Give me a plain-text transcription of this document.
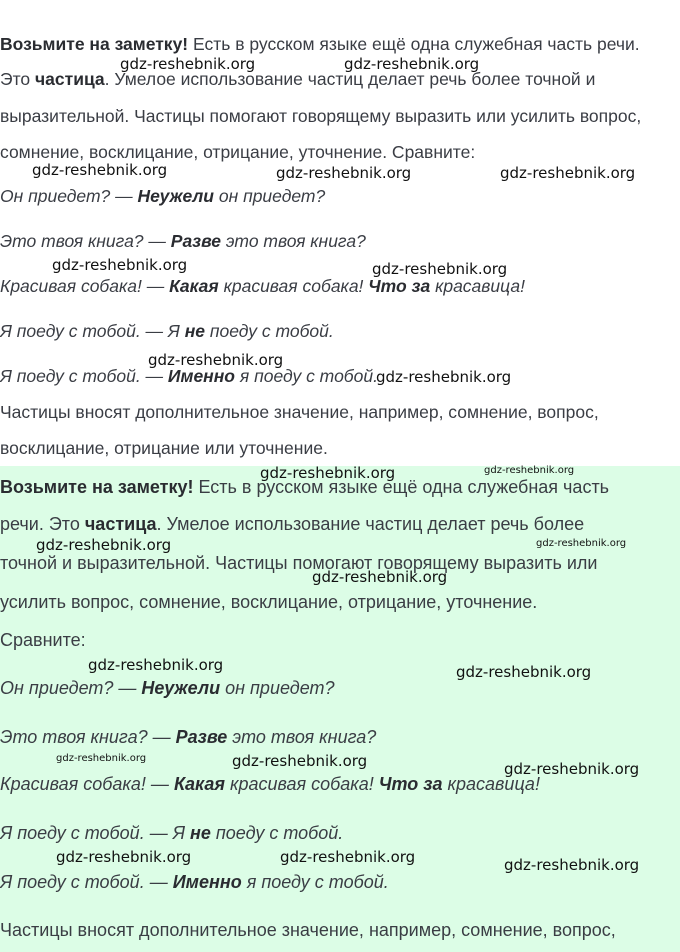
Возьмите на заметку! Есть в русском языке ещё одна служебная часть речи.
Это частица. Умелое использование частиц делает речь более точной и
выразительной. Частицы помогают говорящему выразить или усилить вопрос,
сомнение, восклицание, отрицание, уточнение. Сравните:
Он приедет? — Неужели он приедет?
Это твоя книга? — Разве это твоя книга?
Красивая собака! — Какая красивая собака! Что за красавица!
Я поеду с тобой. — Я не поеду с тобой.
Я поеду с тобой. — Именно я поеду с тобой.
Частицы вносят дополнительное значение, например, сомнение, вопрос,
восклицание, отрицание или уточнение.
Возьмите на заметку! Есть в русском языке ещё одна служебная часть
речи. Это частица. Умелое использование частиц делает речь более
точной и выразительной. Частицы помогают говорящему выразить или
усилить вопрос, сомнение, восклицание, отрицание, уточнение.
Сравните:
Он приедет? — Неужели он приедет?
Это твоя книга? — Разве это твоя книга?
Красивая собака! — Какая красивая собака! Что за красавица!
Я поеду с тобой. — Я не поеду с тобой.
Я поеду с тобой. — Именно я поеду с тобой.
Частицы вносят дополнительное значение, например, сомнение, вопрос,
gdz-reshebnik.org	gdz-reshebnik.org
gdz-reshebnik.org	gdz-reshebnik.org	gdz-reshebnik.org
gdz-reshebnik.org	gdz-reshebnik.org
gdz-reshebnik.org
gdz-reshebnik.org
gdz-reshebnik.org	gdz-reshebnik.org
gdz-reshebnik.org	gdz-reshebnik.org
gdz-reshebnik.org
gdz-reshebnik.org	gdz-reshebnik.org
gdz-reshebnik.org	gdz-reshebnik.org	gdz-reshebnik.org
gdz-reshebnik.org	gdz-reshebnik.org	gdz-reshebnik.org
